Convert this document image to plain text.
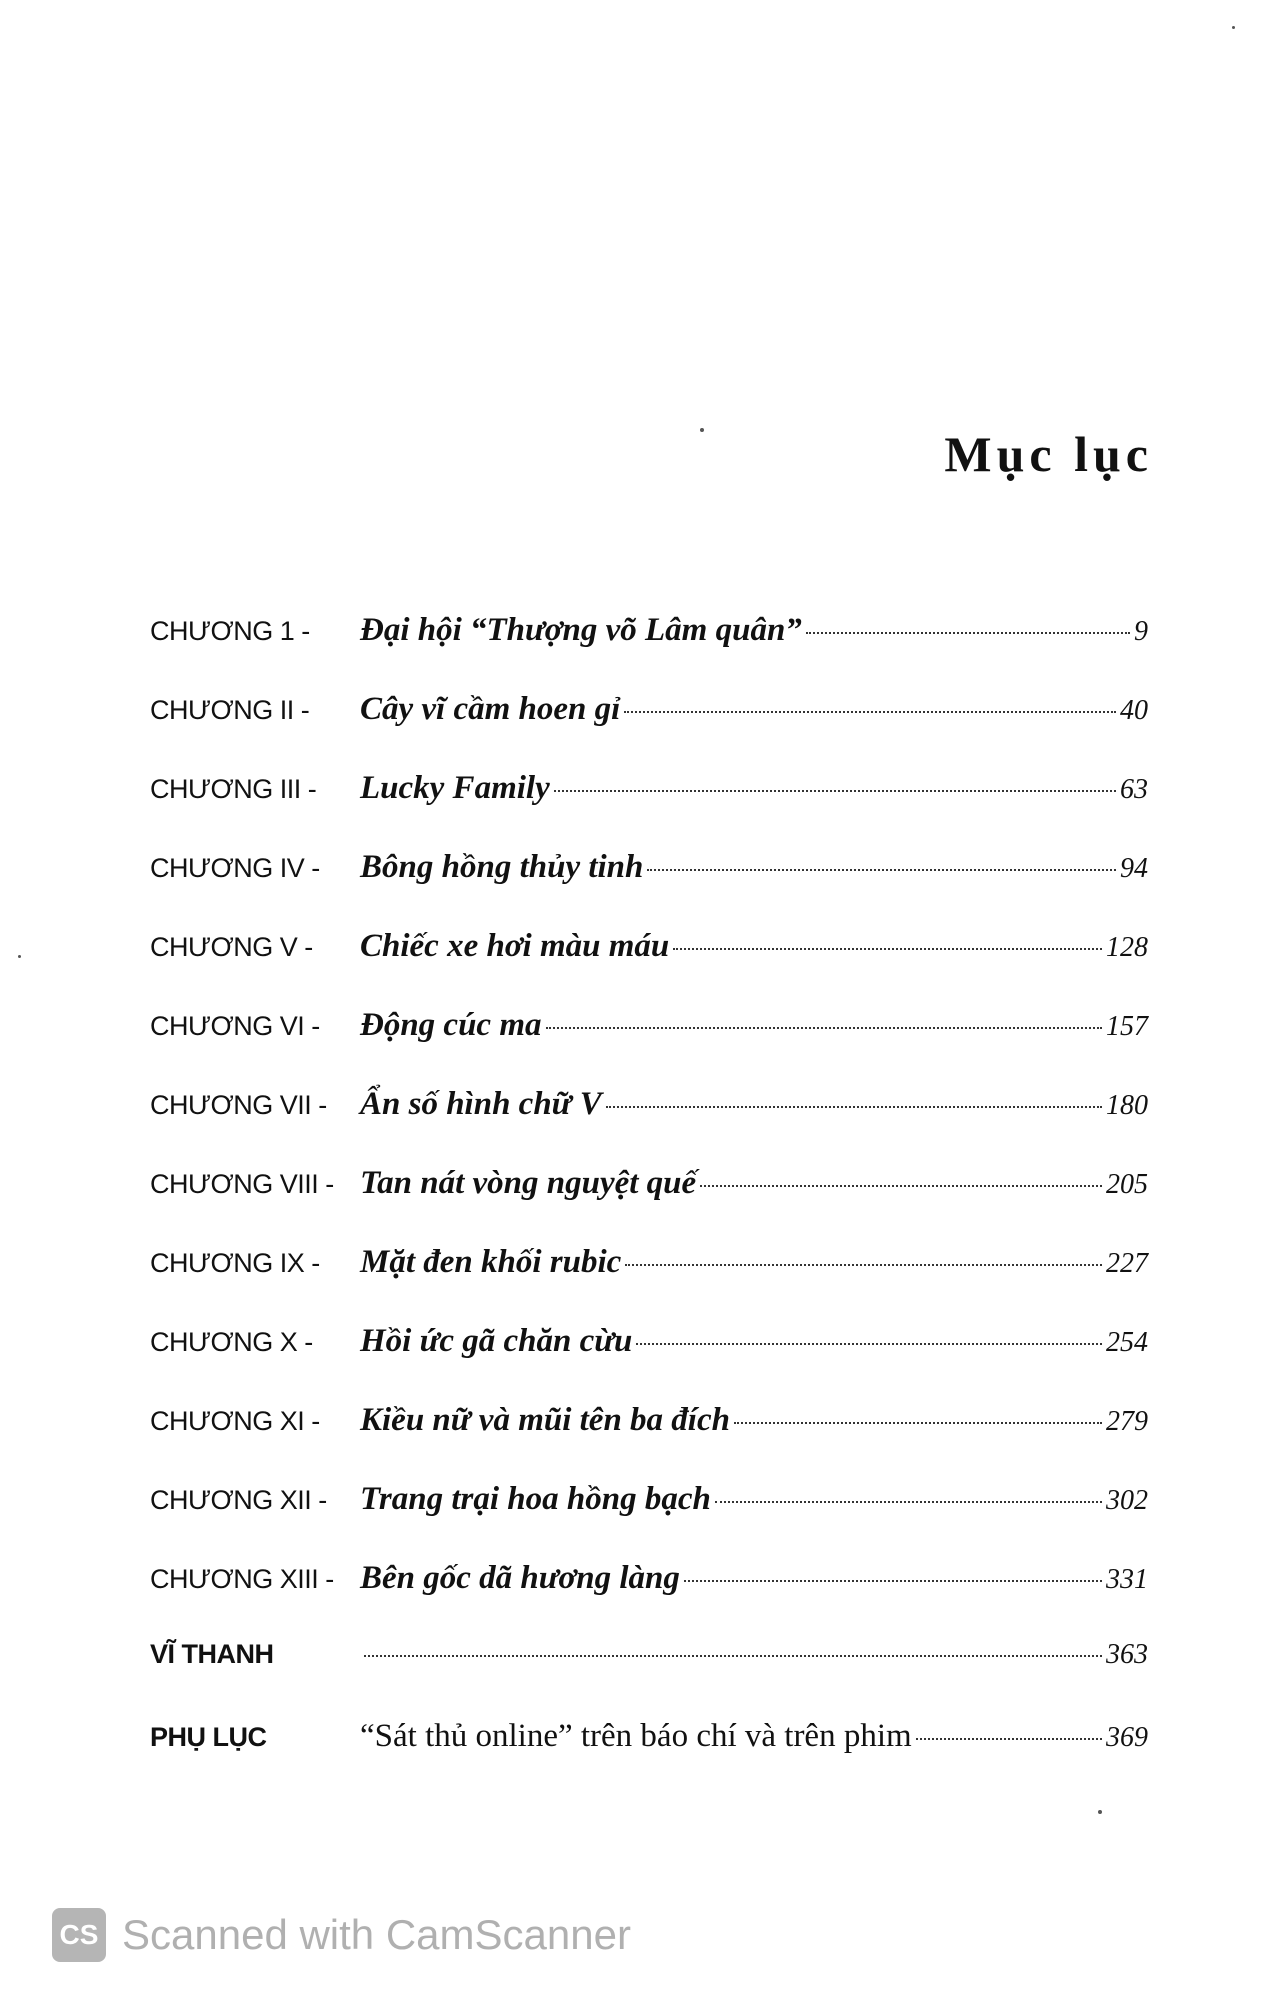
Mục lục
CHƯƠNG 1 -	Đại hội “Thượng võ Lâm quân”	9
CHƯƠNG II -	Cây vĩ cầm hoen gỉ	40
CHƯƠNG III -	Lucky Family	63
CHƯƠNG IV -	Bông hồng thủy tinh	94
CHƯƠNG V -	Chiếc xe hơi màu máu	128
CHƯƠNG VI -	Động cúc ma	157
CHƯƠNG VII -	Ẩn số hình chữ V	180
CHƯƠNG VIII - Tan nát vòng nguyệt quế	205
CHƯƠNG IX -	Mặt đen khối rubic	227
CHƯƠNG X -	Hồi ức gã chăn cừu	254
CHƯƠNG XI -	Kiều nữ và mũi tên ba đích	279
CHƯƠNG XII -	Trang trại hoa hồng bạch	302
CHƯƠNG XIII - Bên gốc dã hương làng	331
VĨ THANH	363
PHỤ LỤC	“Sát thủ online” trên báo chí và trên phim	369
CS Scanned with CamScanner
